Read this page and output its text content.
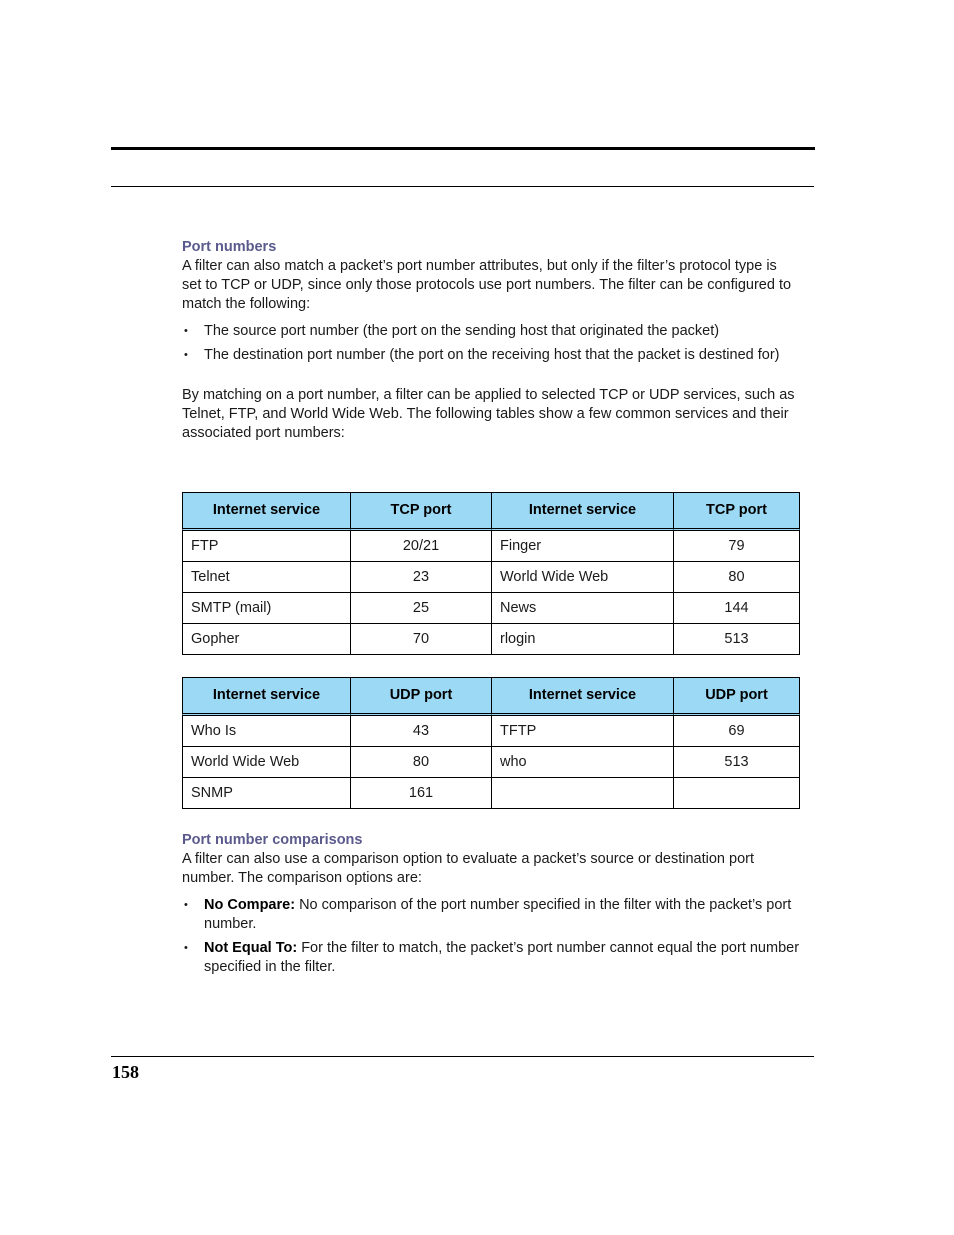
Port numbers

A filter can also match a packet’s port number attributes, but only if the filter’s protocol type is set to TCP or UDP, since only those protocols use port numbers. The filter can be configured to match the following:

• The source port number (the port on the sending host that originated the packet)
• The destination port number (the port on the receiving host that the packet is destined for)

By matching on a port number, a filter can be applied to selected TCP or UDP services, such as Telnet, FTP, and World Wide Web. The following tables show a few common services and their associated port numbers:

Internet service	TCP port	Internet service	TCP port
FTP	20/21	Finger	79
Telnet	23	World Wide Web	80
SMTP (mail)	25	News	144
Gopher	70	rlogin	513
Internet service	UDP port	Internet service	UDP port
Who Is	43	TFTP	69
World Wide Web	80	who	513
SNMP	161		
Port number comparisons

A filter can also use a comparison option to evaluate a packet’s source or destination port number. The comparison options are:

• No Compare: No comparison of the port number specified in the filter with the packet’s port number.
• Not Equal To: For the filter to match, the packet’s port number cannot equal the port number specified in the filter.
158
